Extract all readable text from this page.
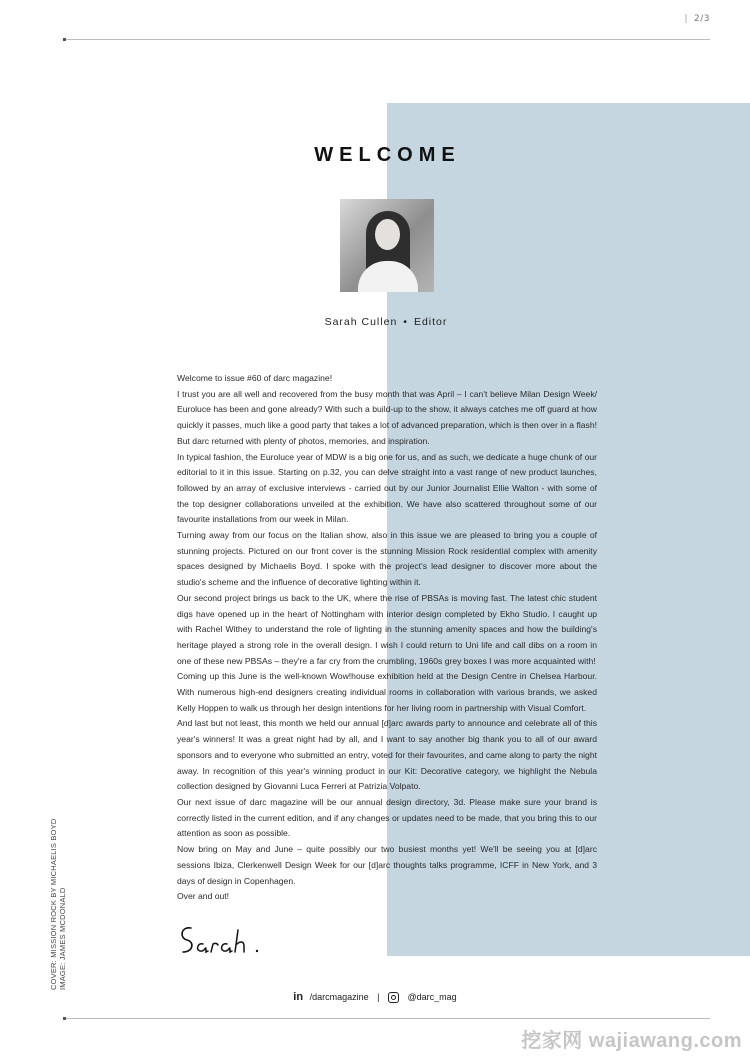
| 2/3
WELCOME
Sarah Cullen • Editor

Welcome to issue #60 of darc magazine!

I trust you are all well and recovered from the busy month that was April – I can't believe Milan Design Week/ Euroluce has been and gone already? With such a build-up to the show, it always catches me off guard at how quickly it passes, much like a good party that takes a lot of advanced preparation, which is then over in a flash! But darc returned with plenty of photos, memories, and inspiration.

In typical fashion, the Euroluce year of MDW is a big one for us, and as such, we dedicate a huge chunk of our editorial to it in this issue. Starting on p.32, you can delve straight into a vast range of new product launches, followed by an array of exclusive interviews - carried out by our Junior Journalist Ellie Walton - with some of the top designer collaborations unveiled at the exhibition. We have also scattered throughout some of our favourite installations from our week in Milan.

Turning away from our focus on the Italian show, also in this issue we are pleased to bring you a couple of stunning projects. Pictured on our front cover is the stunning Mission Rock residential complex with amenity spaces designed by Michaelis Boyd. I spoke with the project's lead designer to discover more about the studio's scheme and the influence of decorative lighting within it.

Our second project brings us back to the UK, where the rise of PBSAs is moving fast. The latest chic student digs have opened up in the heart of Nottingham with interior design completed by Ekho Studio. I caught up with Rachel Withey to understand the role of lighting in the stunning amenity spaces and how the building's heritage played a strong role in the overall design. I wish I could return to Uni life and call dibs on a room in one of these new PBSAs – they're a far cry from the crumbling, 1960s grey boxes I was more acquainted with!

Coming up this June is the well-known Wow!house exhibition held at the Design Centre in Chelsea Harbour. With numerous high-end designers creating individual rooms in collaboration with various brands, we asked Kelly Hoppen to walk us through her design intentions for her living room in partnership with Visual Comfort.

And last but not least, this month we held our annual [d]arc awards party to announce and celebrate all of this year's winners! It was a great night had by all, and I want to say another big thank you to all of our award sponsors and to everyone who submitted an entry, voted for their favourites, and came along to party the night away. In recognition of this year's winning product in our Kit: Decorative category, we highlight the Nebula collection designed by Giovanni Luca Ferreri at Patrizia Volpato.

Our next issue of darc magazine will be our annual design directory, 3d. Please make sure your brand is correctly listed in the current edition, and if any changes or updates need to be made, that you bring this to our attention as soon as possible.

Now bring on May and June – quite possibly our two busiest months yet! We'll be seeing you at [d]arc sessions Ibiza, Clerkenwell Design Week for our [d]arc thoughts talks programme, ICFF in New York, and 3 days of design in Copenhagen.

Over and out!

COVER: MISSION ROCK BY MICHAELIS BOYD IMAGE: JAMES MCDONALD
in /darcmagazine |	@darc_mag
挖家网 wajiawang.com
